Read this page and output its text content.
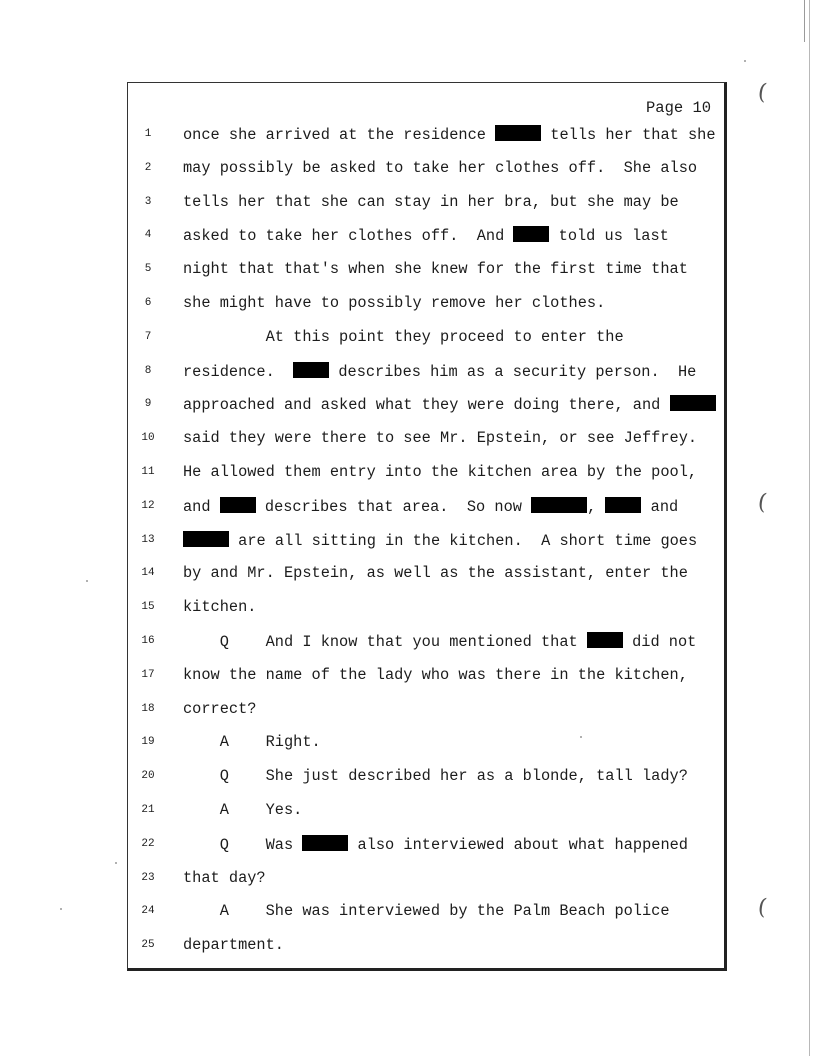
Page 10
1	once she arrived at the residence	tells her that she
2	may possibly be asked to take her clothes off.  She also
3	tells her that she can stay in her bra, but she may be
4	asked to take her clothes off.  And  told us last
5	night that that's when she knew for the first time that
6	she might have to possibly remove her clothes.
7	At this point they proceed to enter the
8	residence.   describes him as a security person.  He
9	approached and asked what they were doing there, and
10 said they were there to see Mr. Epstein, or see Jeffrey.
11 He allowed them entry into the kitchen area by the pool,
12 and  describes that area.  So now	,  and
13	are all sitting in the kitchen.  A short time goes
14 by and Mr. Epstein, as well as the assistant, enter the
15 kitchen.
16 Q    And I know that you mentioned that  did not
17 know the name of the lady who was there in the kitchen,
18 correct?
19 A    Right.
20 Q    She just described her as a blonde, tall lady?
21 A    Yes.
22 Q    Was	also interviewed about what happened
23 that day?
24 A    She was interviewed by the Palm Beach police
25 department.
(
(
(
